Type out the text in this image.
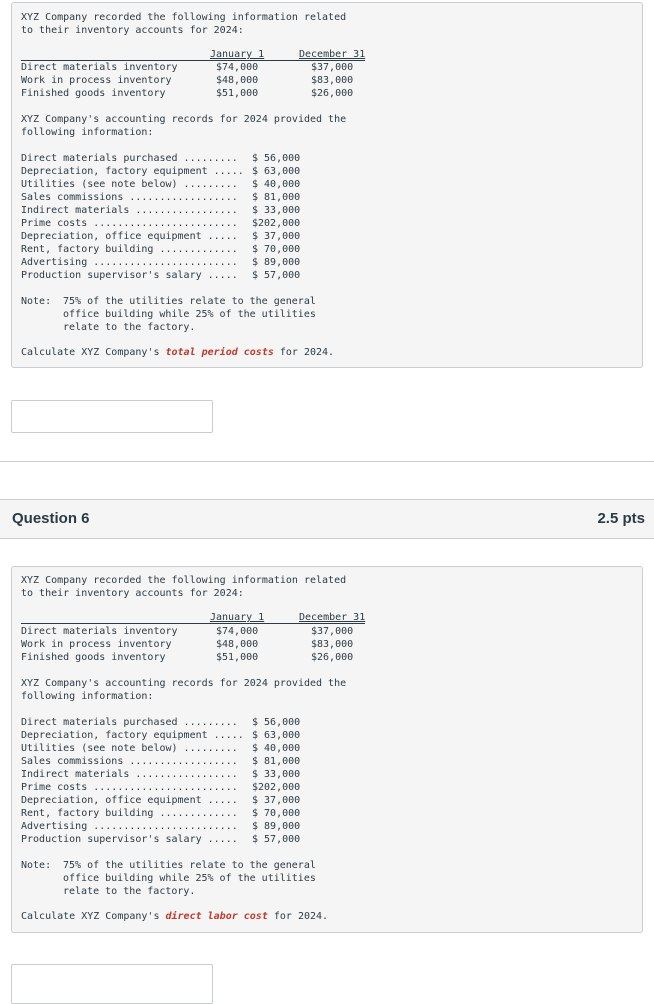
XYZ Company recorded the following information related
to their inventory accounts for 2024:
January 1	December 31
Direct materials inventory	$74,000	$37,000
Work in process inventory	$48,000	$83,000
Finished goods inventory	$51,000	$26,000
XYZ Company's accounting records for 2024 provided the
following information:
Direct materials purchased ......... $ 56,000
Depreciation, factory equipment ..... $ 63,000
Utilities (see note below) ......... $ 40,000
Sales commissions .................. $ 81,000
Indirect materials ................. $ 33,000
Prime costs ........................ $202,000
Depreciation, office equipment ..... $ 37,000
Rent, factory building ............. $ 70,000
Advertising ........................ $ 89,000
Production supervisor's salary ..... $ 57,000
Note: 75% of the utilities relate to the general
office building while 25% of the utilities
relate to the factory.
Calculate XYZ Company's total period costs for 2024.
Question 6	2.5 pts
XYZ Company recorded the following information related
to their inventory accounts for 2024:
January 1	December 31
Direct materials inventory	$74,000	$37,000
Work in process inventory	$48,000	$83,000
Finished goods inventory	$51,000	$26,000
XYZ Company's accounting records for 2024 provided the
following information:
Direct materials purchased ......... $ 56,000
Depreciation, factory equipment ..... $ 63,000
Utilities (see note below) ......... $ 40,000
Sales commissions .................. $ 81,000
Indirect materials ................. $ 33,000
Prime costs ........................ $202,000
Depreciation, office equipment ..... $ 37,000
Rent, factory building ............. $ 70,000
Advertising ........................ $ 89,000
Production supervisor's salary ..... $ 57,000
Note: 75% of the utilities relate to the general
office building while 25% of the utilities
relate to the factory.
Calculate XYZ Company's direct labor cost for 2024.
